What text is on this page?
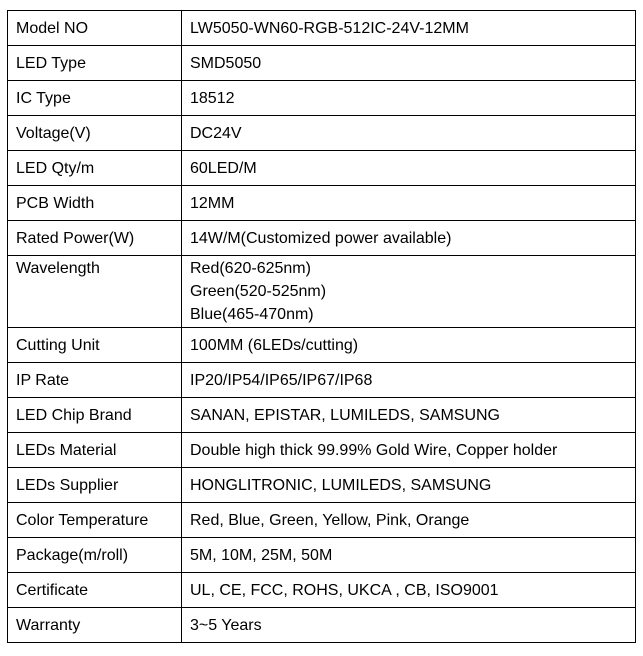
Model NO	LW5050-WN60-RGB-512IC-24V-12MM
LED Type	SMD5050
IC Type	18512
Voltage(V)	DC24V
LED Qty/m	60LED/M
PCB Width	12MM
Rated Power(W)	14W/M(Customized power available)
Wavelength	Red(620-625nm)
Green(520-525nm)
Blue(465-470nm)

Cutting Unit	100MM (6LEDs/cutting)
IP Rate	IP20/IP54/IP65/IP67/IP68
LED Chip Brand	SANAN, EPISTAR, LUMILEDS, SAMSUNG
LEDs Material	Double high thick 99.99% Gold Wire, Copper holder
LEDs Supplier	HONGLITRONIC, LUMILEDS, SAMSUNG
Color Temperature	Red, Blue, Green, Yellow, Pink, Orange
Package(m/roll)	5M, 10M, 25M, 50M
Certificate	UL, CE, FCC, ROHS, UKCA , CB, ISO9001
Warranty	3~5 Years
